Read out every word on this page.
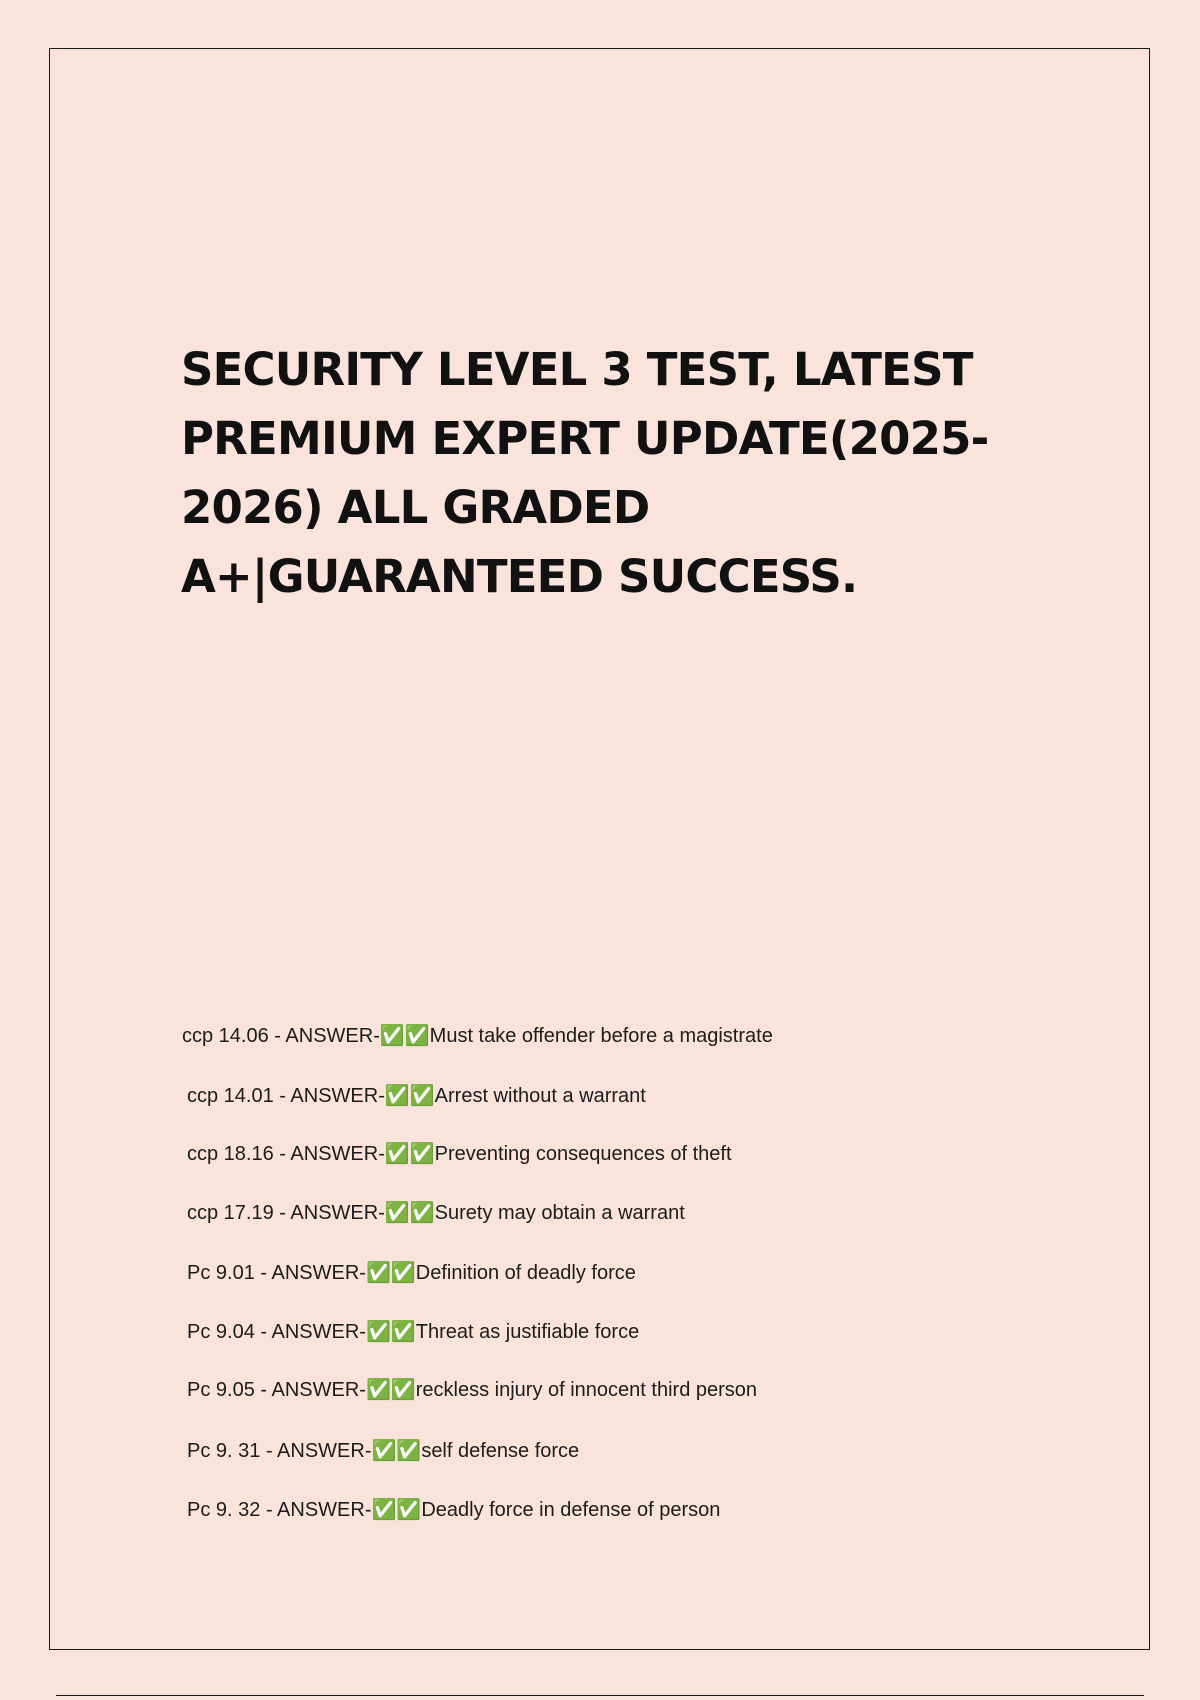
SECURITY LEVEL 3 TEST, LATEST
PREMIUM EXPERT UPDATE(2025-
2026) ALL GRADED
A+|GUARANTEED SUCCESS.
ccp 14.06 - ANSWER-✅✅Must take offender before a magistrate
ccp 14.01 - ANSWER-✅✅Arrest without a warrant
ccp 18.16 - ANSWER-✅✅Preventing consequences of theft
ccp 17.19 - ANSWER-✅✅Surety may obtain a warrant
Pc 9.01 - ANSWER-✅✅Definition of deadly force
Pc 9.04 - ANSWER-✅✅Threat as justifiable force
Pc 9.05 - ANSWER-✅✅reckless injury of innocent third person
Pc 9. 31 - ANSWER-✅✅self defense force
Pc 9. 32 - ANSWER-✅✅Deadly force in defense of person
